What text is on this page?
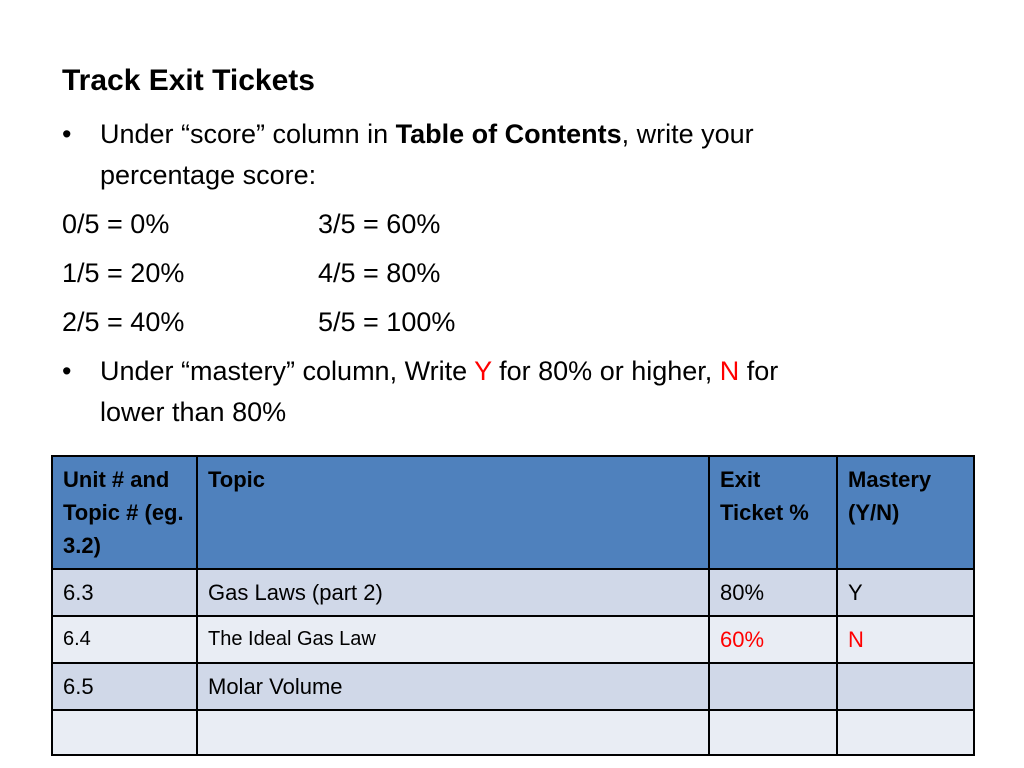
Track Exit Tickets
• Under “score” column in Table of Contents, write your
percentage score:
0/5 = 0%	3/5 = 60%
1/5 = 20%	4/5 = 80%
2/5 = 40%	5/5 = 100%
• Under “mastery” column, Write Y for 80% or higher, N for
lower than 80%
Unit # and Topic # (eg. 3.2)	Topic	Exit Ticket %	Mastery (Y/N)
6.3	Gas Laws (part 2)	80%	Y
6.4	The Ideal Gas Law	60%	N
6.5	Molar Volume		
